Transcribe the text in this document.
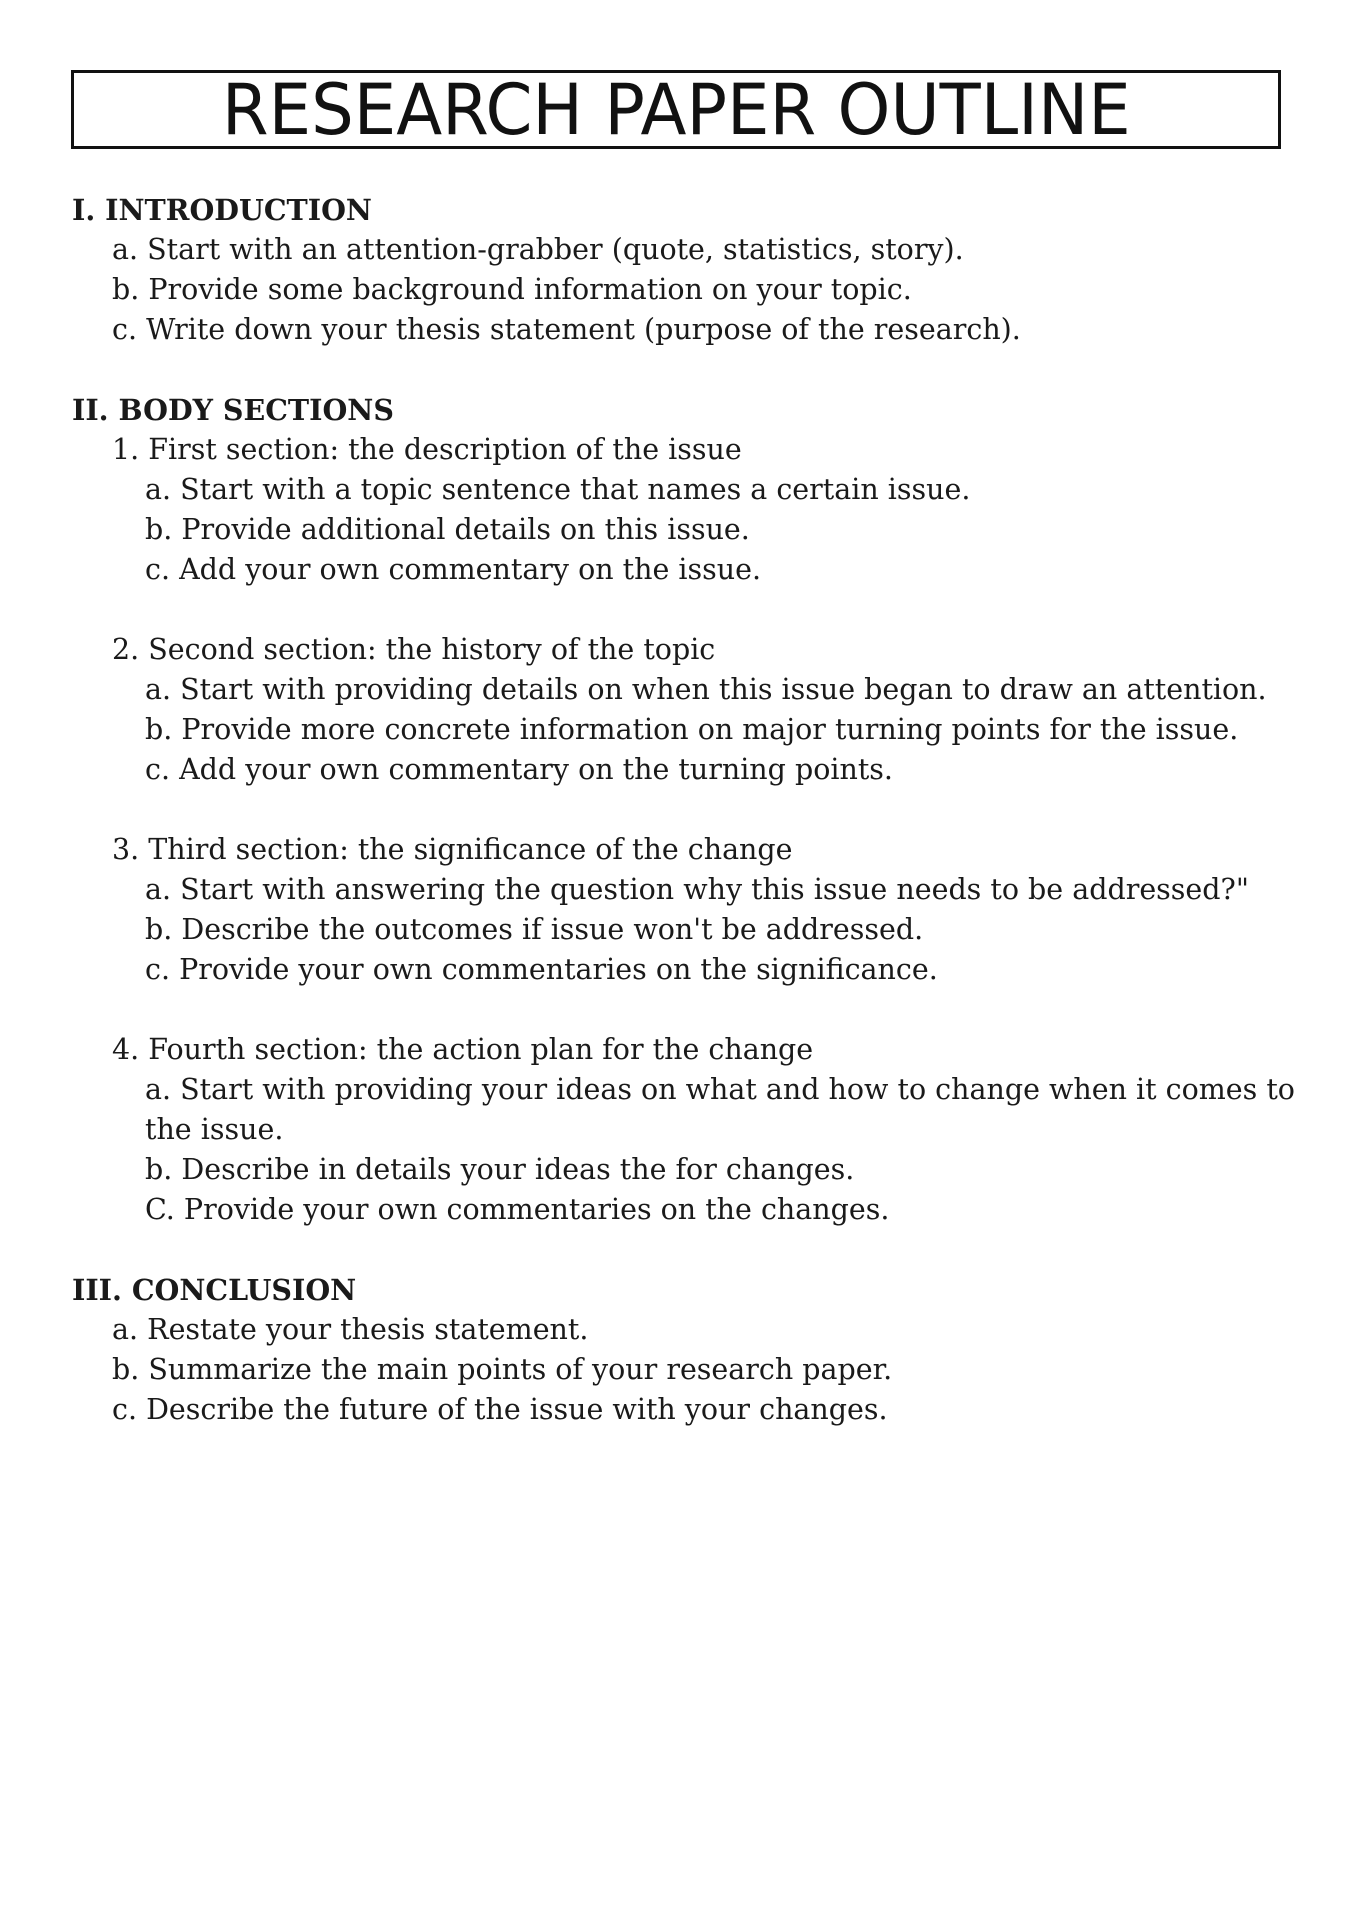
RESEARCH PAPER OUTLINE
I. INTRODUCTION
a. Start with an attention-grabber (quote, statistics, story).
b. Provide some background information on your topic.
c. Write down your thesis statement (purpose of the research).
II. BODY SECTIONS
1. First section: the description of the issue
a. Start with a topic sentence that names a certain issue.
b. Provide additional details on this issue.
c. Add your own commentary on the issue.
2. Second section: the history of the topic
a. Start with providing details on when this issue began to draw an attention.
b. Provide more concrete information on major turning points for the issue.
c. Add your own commentary on the turning points.
3. Third section: the significance of the change
a. Start with answering the question why this issue needs to be addressed?"
b. Describe the outcomes if issue won't be addressed.
c. Provide your own commentaries on the significance.
4. Fourth section: the action plan for the change
a. Start with providing your ideas on what and how to change when it comes to the issue.
b. Describe in details your ideas the for changes.
C. Provide your own commentaries on the changes.
III. CONCLUSION
a. Restate your thesis statement.
b. Summarize the main points of your research paper.
c. Describe the future of the issue with your changes.
